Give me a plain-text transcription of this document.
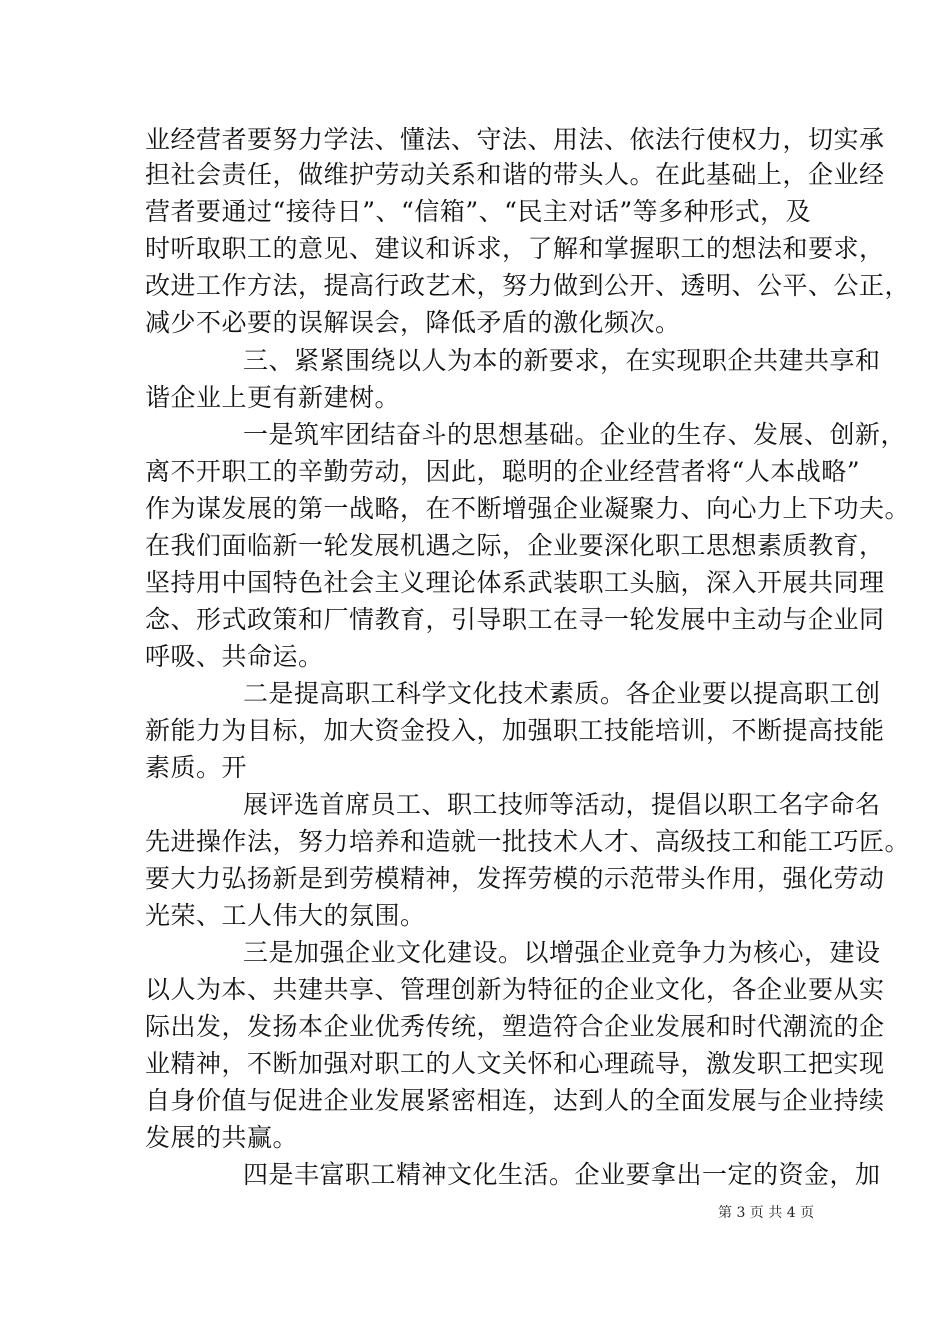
业经营者要努力学法、懂法、守法、用法、依法行使权力，切实承
担社会责任，做维护劳动关系和谐的带头人。在此基础上，企业经
营者要通过“接待日”、“信箱”、“民主对话”等多种形式，及
时听取职工的意见、建议和诉求，了解和掌握职工的想法和要求，
改进工作方法，提高行政艺术，努力做到公开、透明、公平、公正，
减少不必要的误解误会，降低矛盾的激化频次。
三、紧紧围绕以人为本的新要求，在实现职企共建共享和
谐企业上更有新建树。
一是筑牢团结奋斗的思想基础。企业的生存、发展、创新，
离不开职工的辛勤劳动，因此，聪明的企业经营者将“人本战略”
作为谋发展的第一战略，在不断增强企业凝聚力、向心力上下功夫。
在我们面临新一轮发展机遇之际，企业要深化职工思想素质教育，
坚持用中国特色社会主义理论体系武装职工头脑，深入开展共同理
念、形式政策和厂情教育，引导职工在寻一轮发展中主动与企业同
呼吸、共命运。
二是提高职工科学文化技术素质。各企业要以提高职工创
新能力为目标，加大资金投入，加强职工技能培训，不断提高技能
素质。开
展评选首席员工、职工技师等活动，提倡以职工名字命名
先进操作法，努力培养和造就一批技术人才、高级技工和能工巧匠。
要大力弘扬新是到劳模精神，发挥劳模的示范带头作用，强化劳动
光荣、工人伟大的氛围。
三是加强企业文化建设。以增强企业竞争力为核心，建设
以人为本、共建共享、管理创新为特征的企业文化，各企业要从实
际出发，发扬本企业优秀传统，塑造符合企业发展和时代潮流的企
业精神，不断加强对职工的人文关怀和心理疏导，激发职工把实现
自身价值与促进企业发展紧密相连，达到人的全面发展与企业持续
发展的共赢。
四是丰富职工精神文化生活。企业要拿出一定的资金，加
第 3 页 共 4 页
